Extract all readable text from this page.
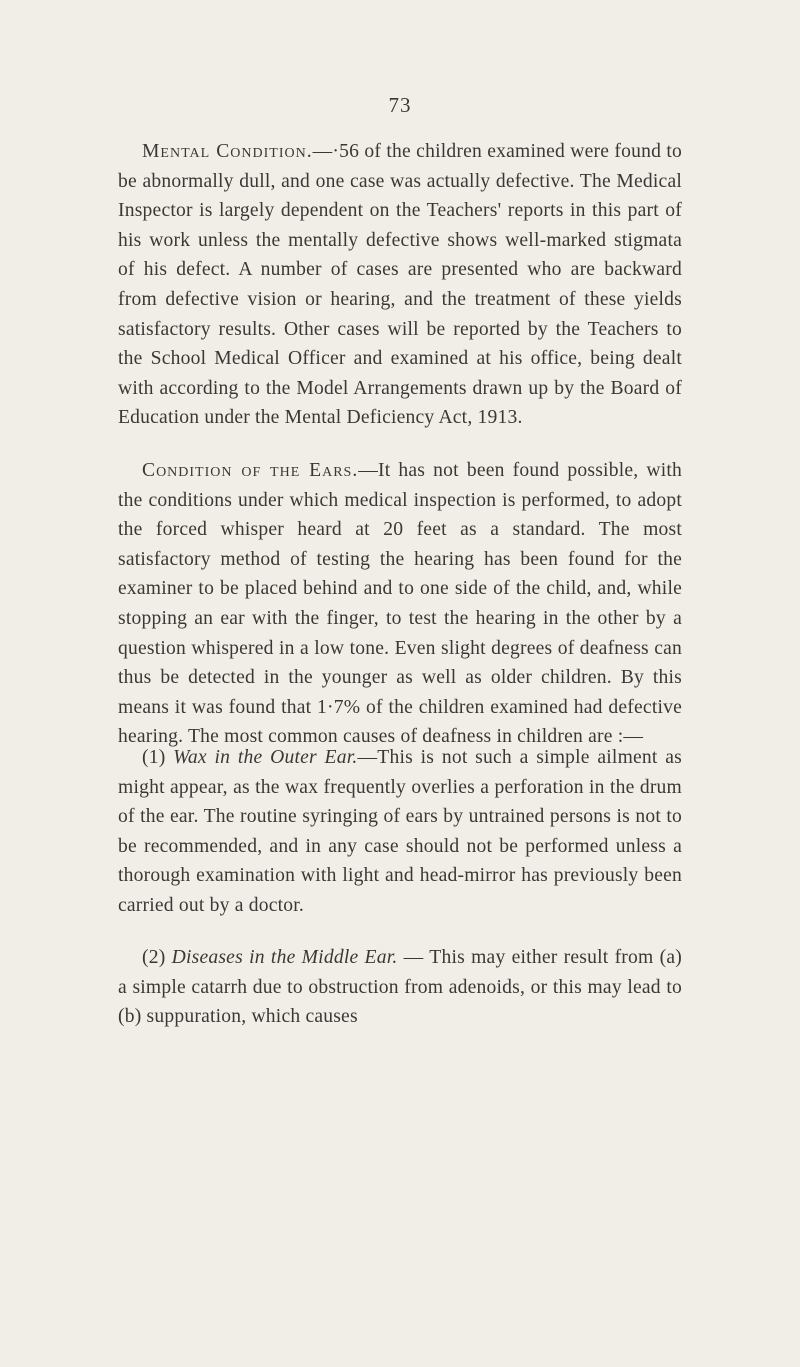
73

Mental Condition.—·56 of the children examined were found to be abnormally dull, and one case was actually defective. The Medical Inspector is largely dependent on the Teachers' reports in this part of his work unless the mentally defective shows well-marked stigmata of his defect. A number of cases are presented who are backward from defective vision or hearing, and the treatment of these yields satisfactory results. Other cases will be reported by the Teachers to the School Medical Officer and examined at his office, being dealt with according to the Model Arrangements drawn up by the Board of Education under the Mental Deficiency Act, 1913.

Condition of the Ears.—It has not been found possible, with the conditions under which medical inspection is performed, to adopt the forced whisper heard at 20 feet as a standard. The most satisfactory method of testing the hearing has been found for the examiner to be placed behind and to one side of the child, and, while stopping an ear with the finger, to test the hearing in the other by a question whispered in a low tone. Even slight degrees of deafness can thus be detected in the younger as well as older children. By this means it was found that 1·7% of the children examined had defective hearing. The most common causes of deafness in children are :—

(1) Wax in the Outer Ear.—This is not such a simple ailment as might appear, as the wax frequently overlies a perforation in the drum of the ear. The routine syringing of ears by untrained persons is not to be recommended, and in any case should not be performed unless a thorough examination with light and head-mirror has previously been carried out by a doctor.

(2) Diseases in the Middle Ear. — This may either result from (a) a simple catarrh due to obstruction from adenoids, or this may lead to (b) suppuration, which causes
